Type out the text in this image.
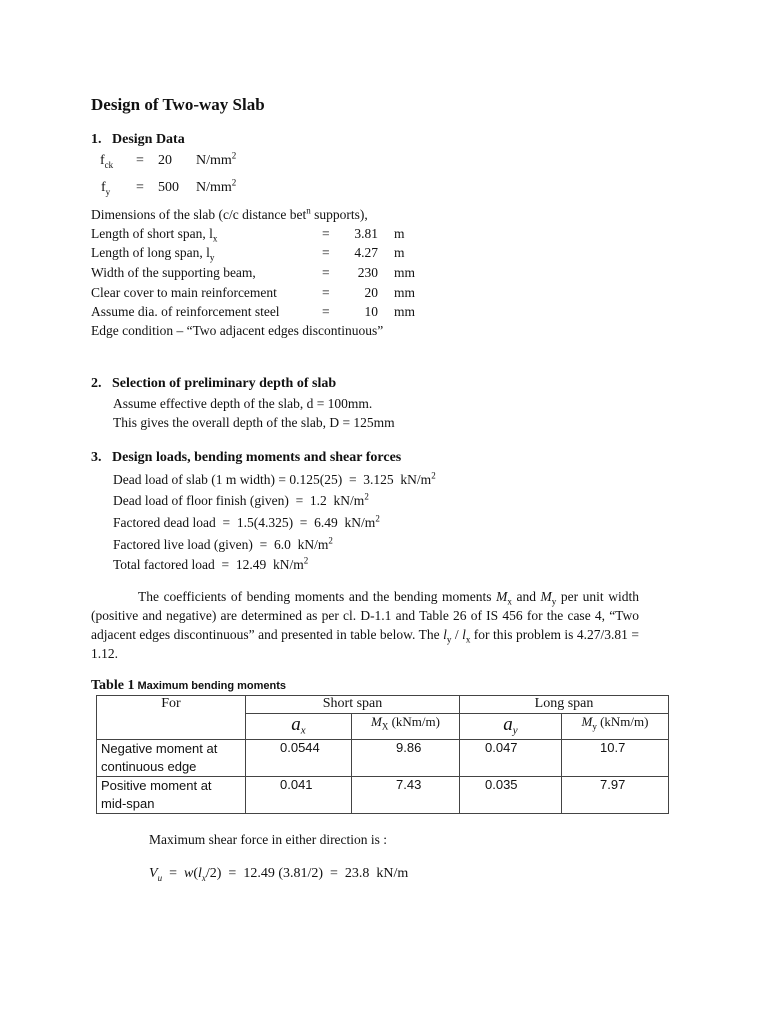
Design of Two-way Slab
1. Design Data
$f_{ck} = 20$ $N/mm^2$
$f_y = 500$ $N/mm^2$
Dimensions of the slab (c/c distance bet$^n$ supports),
Length of short span, $l_x$	=	3.81 m
Length of long span, $l_y$	=	4.27 m
Width of the supporting beam,	=	230 mm
Clear cover to main reinforcement	=	20 mm
Assume dia. of reinforcement steel	=	10 mm
Edge condition – “Two adjacent edges discontinuous”
2. Selection of preliminary depth of slab
Assume effective depth of the slab, d = 100mm.
This gives the overall depth of the slab, D = 125mm
3. Design loads, bending moments and shear forces
Dead load of slab (1 m width) = 0.125(25)  =  3.125  $kN/m^2$
Dead load of floor finish (given)  =  1.2  $kN/m^2$
Factored dead load  =  1.5(4.325)  =  6.49  $kN/m^2$
Factored live load (given)  =  6.0  $kN/m^2$
Total factored load  =  12.49  $kN/m^2$
The coefficients of bending moments and the bending moments $M_x$ and $M_y$ per unit width (positive and negative) are determined as per cl. D-1.1 and Table 26 of IS 456 for the case 4, “Two adjacent edges discontinuous” and presented in table below. The $l_y / l_x$ for this problem is 4.27/3.81 = 1.12.
Table 1 Maximum bending moments
For	Short span		Long span	
	$a_x$	$M_X$ (kNm/m)	$a_y$	$M_y$ (kNm/m)
Negative moment at
continuous edge	0.0544	9.86	0.047	10.7
Positive moment at
mid-span	0.041	7.43	0.035	7.97
Maximum shear force in either direction is :
$V_u = w(l_x/2) = 12.49$ (3.81/2)  =  23.8  kN/m
